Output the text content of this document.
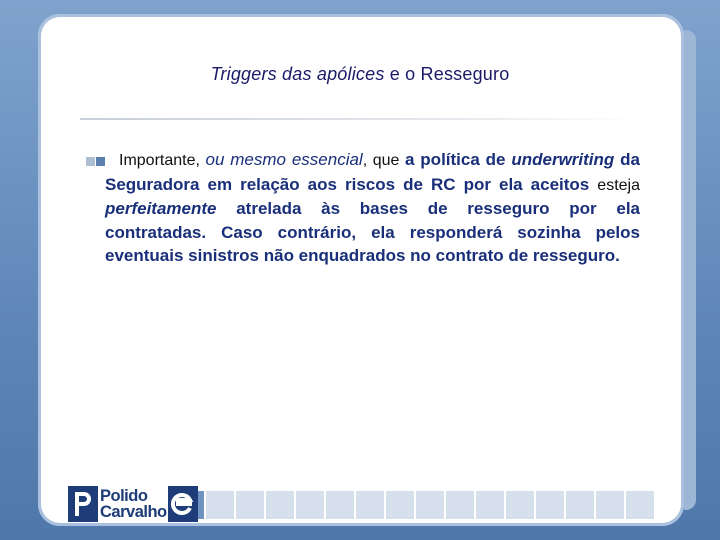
Triggers das apólices e o Resseguro
Importante, ou mesmo essencial, que a política de underwriting da Seguradora em relação aos riscos de RC por ela aceitos esteja perfeitamente atrelada às bases de resseguro por ela contratadas. Caso contrário, ela responderá sozinha pelos eventuais sinistros não enquadrados no contrato de resseguro.
Polido
Carvalho
